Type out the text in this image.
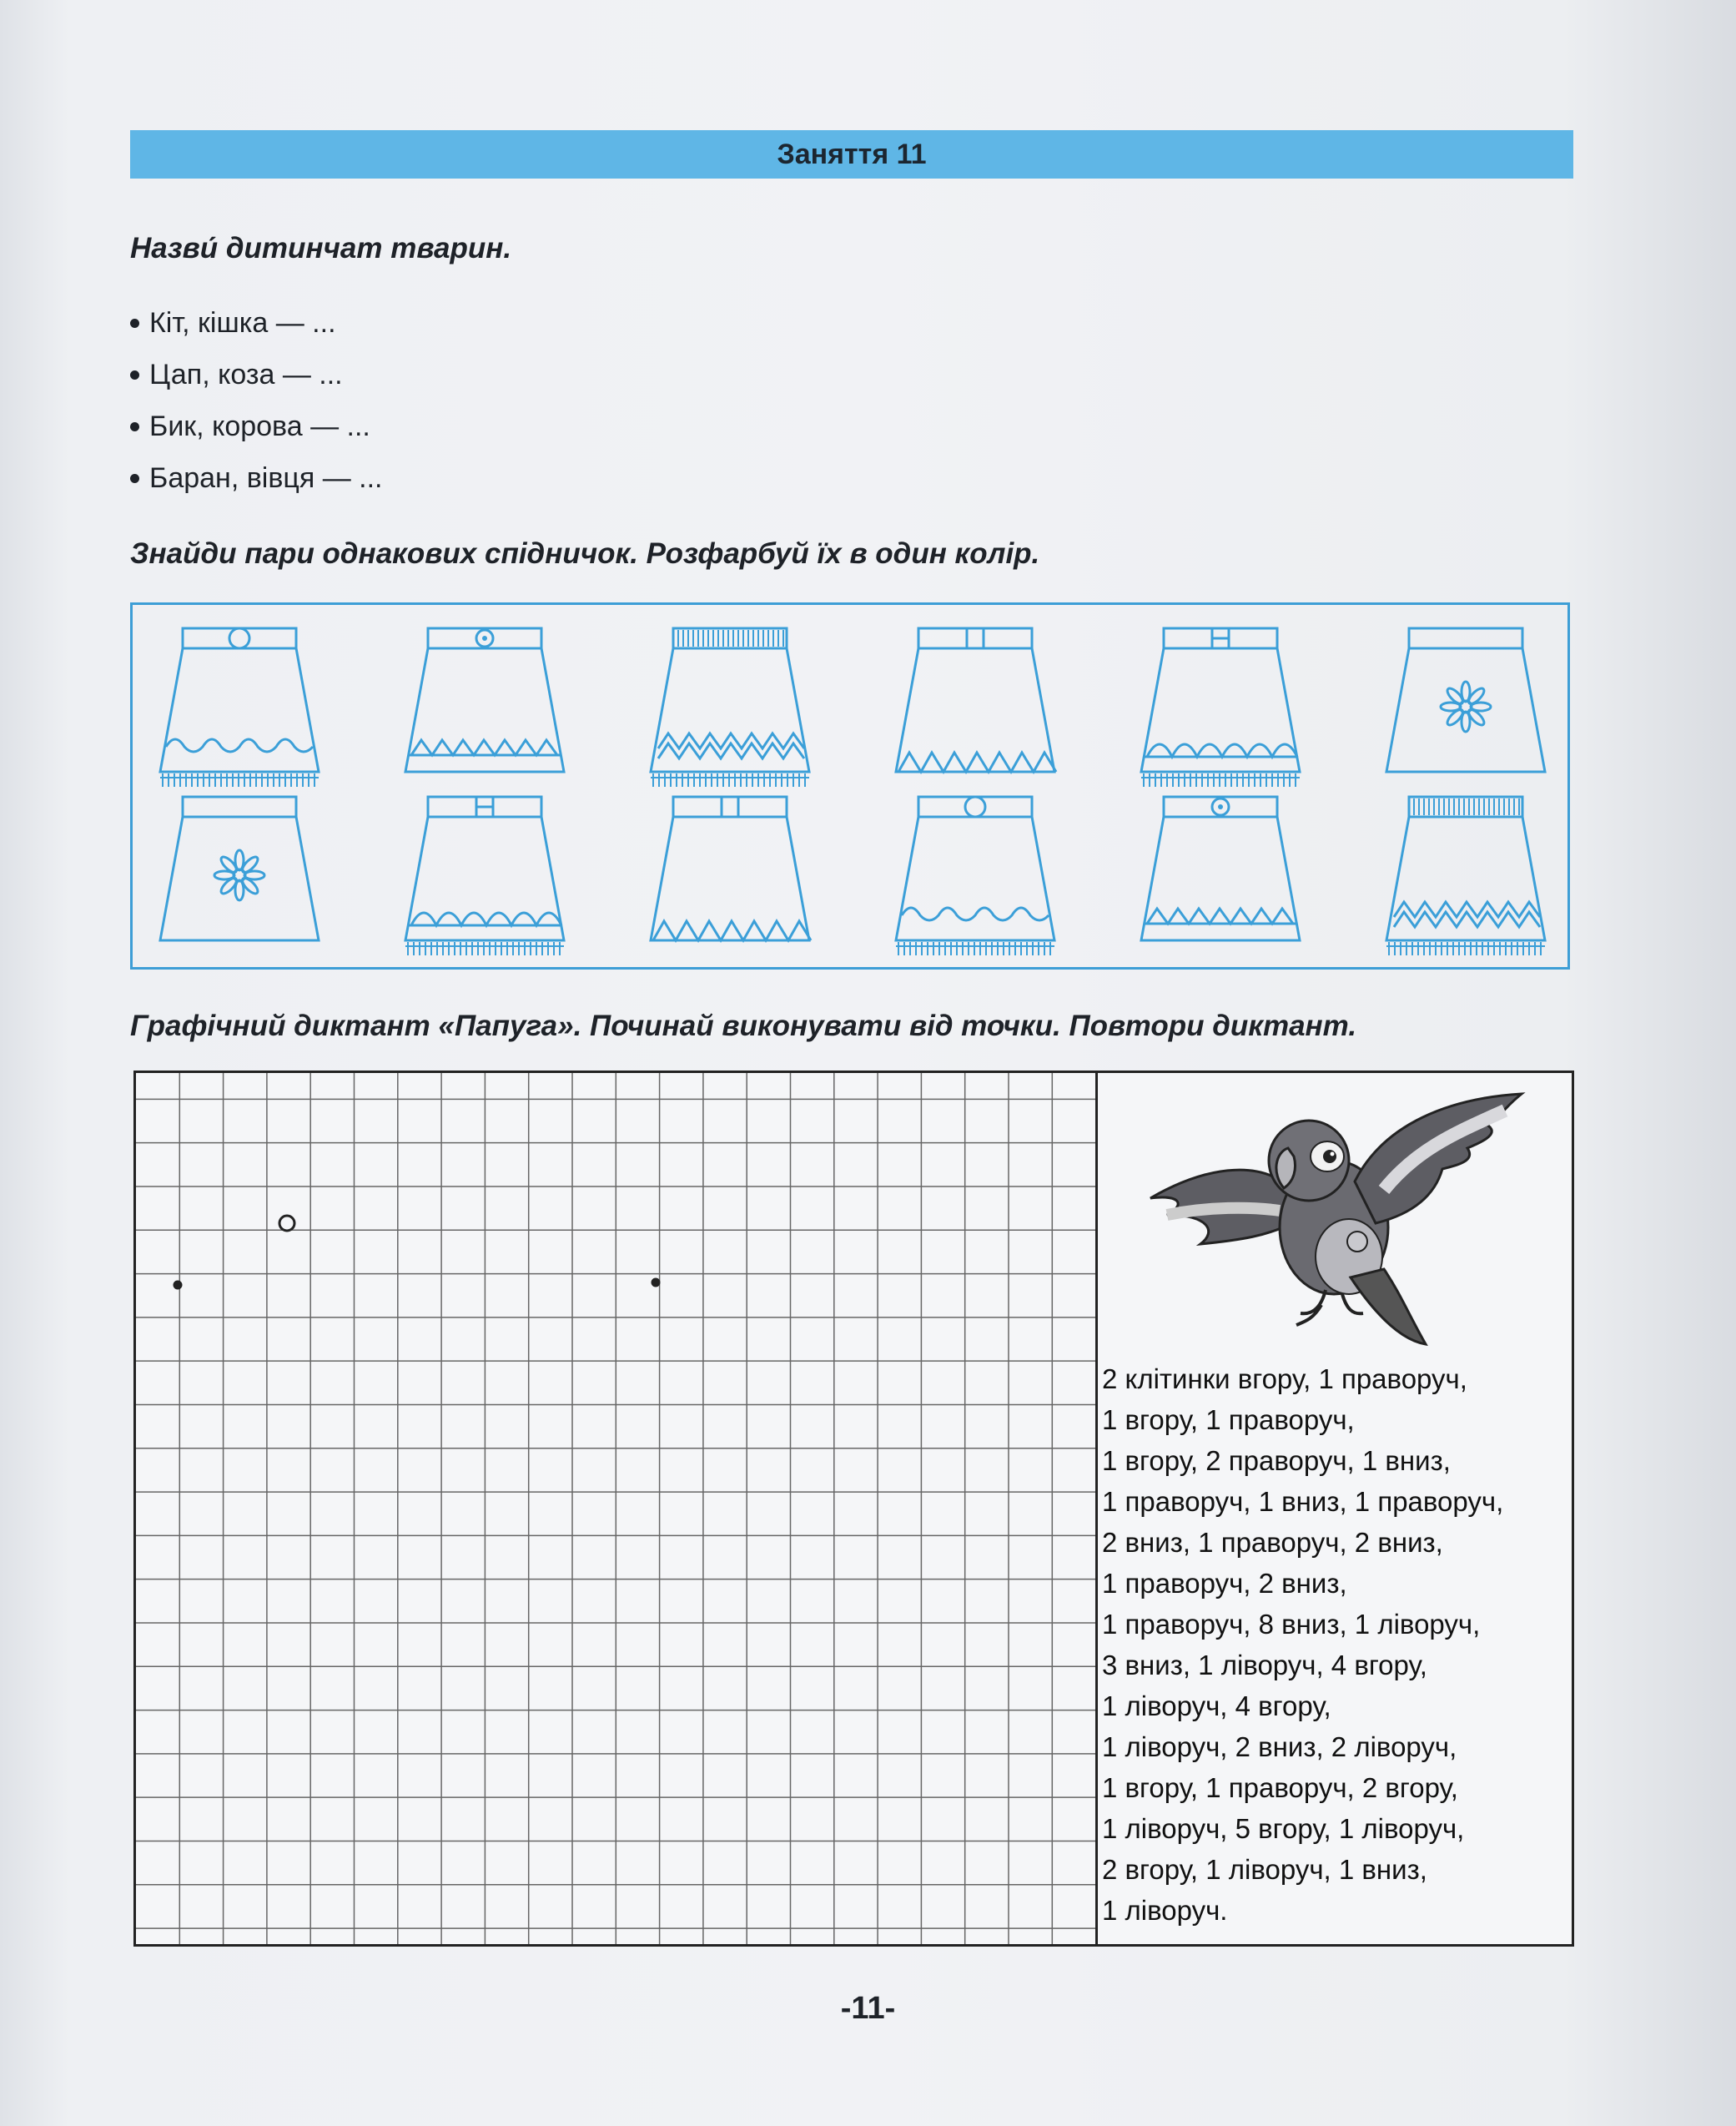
Заняття 11
Назви́ дитинчат тварин.
Кіт, кішка — ...
Цап, коза — ...
Бик, корова — ...
Баран, вівця — ...
Знайди пари однакових спідничок. Розфарбуй їх в один колір.
Графічний диктант «Папуга». Починай виконувати від точки. Повтори диктант.
2 клітинки вгору, 1 праворуч,
1 вгору, 1 праворуч,
1 вгору, 2 праворуч, 1 вниз,
1 праворуч, 1 вниз, 1 праворуч,
2 вниз, 1 праворуч, 2 вниз,
1 праворуч, 2 вниз,
1 праворуч, 8 вниз, 1 ліворуч,
3 вниз, 1 ліворуч, 4 вгору,
1 ліворуч, 4 вгору,
1 ліворуч, 2 вниз, 2 ліворуч,
1 вгору, 1 праворуч, 2 вгору,
1 ліворуч, 5 вгору, 1 ліворуч,
2 вгору, 1 ліворуч, 1 вниз,
1 ліворуч.
-11-
